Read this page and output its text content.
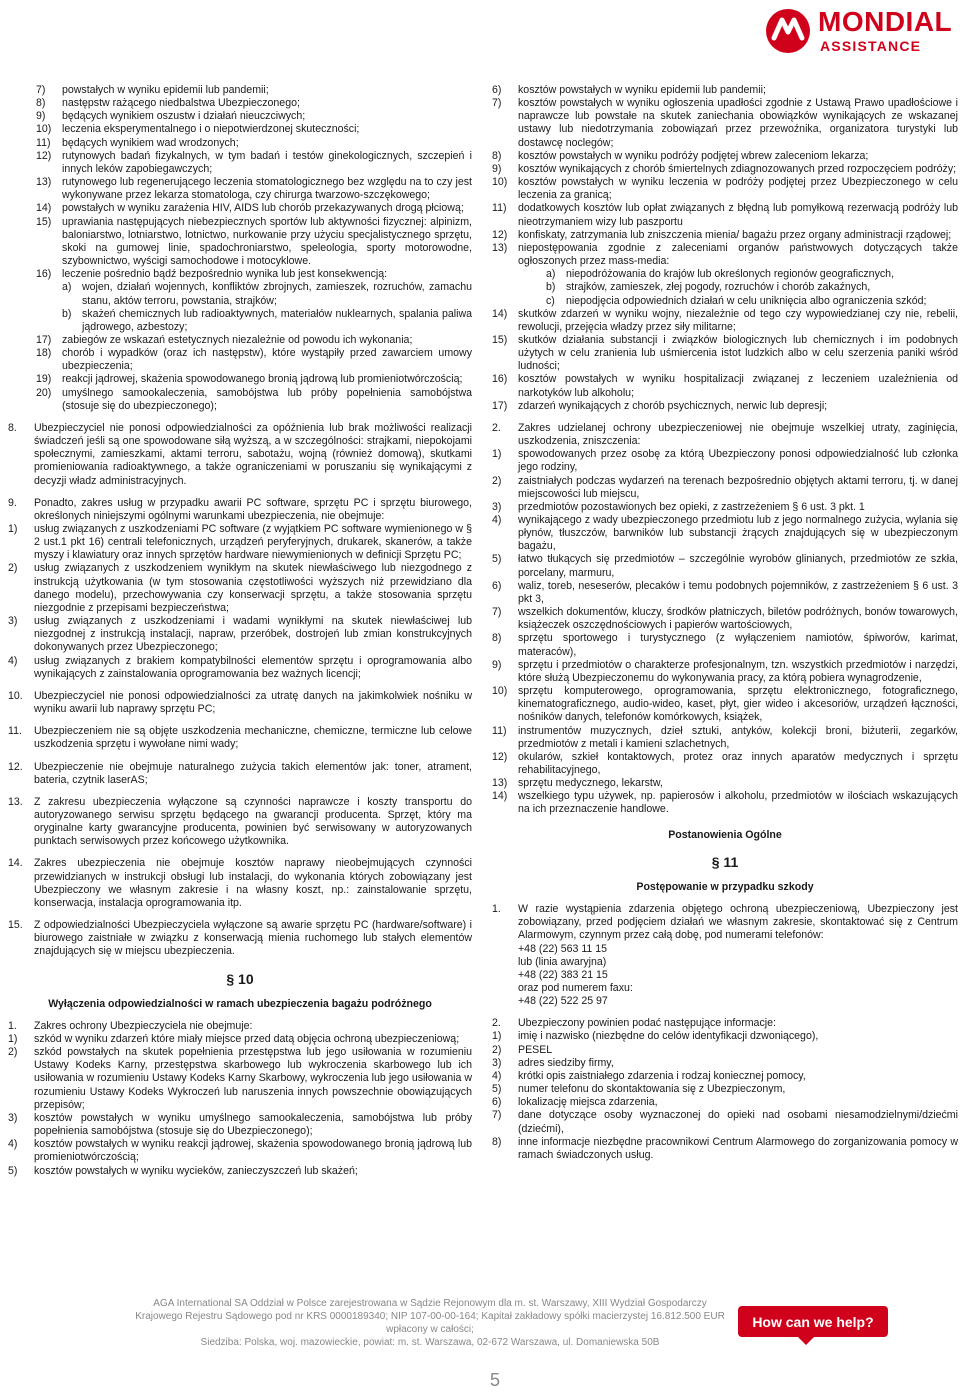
MONDIAL
ASSISTANCE
7)	powstałych w wyniku epidemii lub pandemii;
8)	następstw rażącego niedbalstwa Ubezpieczonego;
9)	będących wynikiem oszustw i działań nieuczciwych;
10)	leczenia eksperymentalnego i o niepotwierdzonej skuteczności;
11)	będących wynikiem wad wrodzonych;
12)	rutynowych badań fizykalnych, w tym badań i testów ginekologicznych, szczepień i innych leków zapobiegawczych;
13)	rutynowego lub regenerującego leczenia stomatologicznego bez względu na to czy jest wykonywane przez lekarza stomatologa, czy chirurga twarzowo-szczękowego;
14)	powstałych w wyniku zarażenia HIV, AIDS lub chorób przekazywanych drogą płciową;
15)	uprawiania następujących niebezpiecznych sportów lub aktywności fizycznej: alpinizm, baloniarstwo, lotniarstwo, lotnictwo, nurkowanie przy użyciu specjalistycznego sprzętu, skoki na gumowej linie, spadochroniarstwo, speleologia, sporty motorowodne, szybownictwo, wyścigi samochodowe i motocyklowe.
16)	leczenie pośrednio bądź bezpośrednio wynika lub jest konsekwencją:
a) wojen, działań wojennych, konfliktów zbrojnych, zamieszek, rozruchów, zamachu stanu, aktów terroru, powstania, strajków;
b) skażeń chemicznych lub radioaktywnych, materiałów nuklearnych, spalania paliwa jądrowego, azbestozy;
17)	zabiegów ze wskazań estetycznych niezależnie od powodu ich wykonania;
18)	chorób i wypadków (oraz ich następstw), które wystąpiły przed zawarciem umowy ubezpieczenia;
19)	reakcji jądrowej, skażenia spowodowanego bronią jądrową lub promieniotwórczością;
20)	umyślnego samookaleczenia, samobójstwa lub próby popełnienia samobójstwa (stosuje się do ubezpieczonego);
8.	Ubezpieczyciel nie ponosi odpowiedzialności za opóźnienia lub brak możliwości realizacji świadczeń jeśli są one spowodowane siłą wyższą, a w szczególności: strajkami, niepokojami społecznymi, zamieszkami, aktami terroru, sabotażu, wojną (również domową), skutkami promieniowania radioaktywnego, a także ograniczeniami w poruszaniu się wynikającymi z decyzji władz administracyjnych.
9.	Ponadto, zakres usług w przypadku awarii PC software, sprzętu PC i sprzętu biurowego, określonych niniejszymi ogólnymi warunkami ubezpieczenia, nie obejmuje:
1)	usług związanych z uszkodzeniami PC software (z wyjątkiem PC software wymienionego w § 2 ust.1 pkt 16) centrali telefonicznych, urządzeń peryferyjnych, drukarek, skanerów, a także myszy i klawiatury oraz innych sprzętów hardware niewymienionych w definicji Sprzętu PC;
2)	usług związanych z uszkodzeniem wynikłym na skutek niewłaściwego lub niezgodnego z instrukcją użytkowania (w tym stosowania częstotliwości wyższych niż przewidziano dla danego modelu), przechowywania czy konserwacji sprzętu, a także stosowania sprzętu niezgodnie z przepisami bezpieczeństwa;
3)	usług związanych z uszkodzeniami i wadami wynikłymi na skutek niewłaściwej lub niezgodnej z instrukcją instalacji, napraw, przeróbek, dostrojeń lub zmian konstrukcyjnych dokonywanych przez Ubezpieczonego;
4)	usług związanych z brakiem kompatybilności elementów sprzętu i oprogramowania albo wynikających z zainstalowania oprogramowania bez ważnych licencji;
10.	Ubezpieczyciel nie ponosi odpowiedzialności za utratę danych na jakimkolwiek nośniku w wyniku awarii lub naprawy sprzętu PC;
11.	Ubezpieczeniem nie są objęte uszkodzenia mechaniczne, chemiczne, termiczne lub celowe uszkodzenia sprzętu i wywołane nimi wady;
12.	Ubezpieczenie nie obejmuje naturalnego zużycia takich elementów jak: toner, atrament, bateria, czytnik laserAS;
13.	Z zakresu ubezpieczenia wyłączone są czynności naprawcze i koszty transportu do autoryzowanego serwisu sprzętu będącego na gwarancji producenta. Sprzęt, który ma oryginalne karty gwarancyjne producenta, powinien być serwisowany w autoryzowanych punktach serwisowych przez końcowego użytkownika.
14.	Zakres ubezpieczenia nie obejmuje kosztów naprawy nieobejmujących czynności przewidzianych w instrukcji obsługi lub instalacji, do wykonania których zobowiązany jest Ubezpieczony we własnym zakresie i na własny koszt, np.: zainstalowanie sprzętu, konserwacja, instalacja oprogramowania itp.
15.	Z odpowiedzialności Ubezpieczyciela wyłączone są awarie sprzętu PC (hardware/software) i biurowego zaistniałe w związku z konserwacją mienia ruchomego lub stałych elementów znajdujących się w miejscu ubezpieczenia.
§ 10
Wyłączenia odpowiedzialności w ramach ubezpieczenia bagażu podróżnego
1.	Zakres ochrony Ubezpieczyciela nie obejmuje:
1)	szkód w wyniku zdarzeń które miały miejsce przed datą objęcia ochroną ubezpieczeniową;
2)	szkód powstałych na skutek popełnienia przestępstwa lub jego usiłowania w rozumieniu Ustawy Kodeks Karny, przestępstwa skarbowego lub wykroczenia skarbowego lub ich usiłowania w rozumieniu Ustawy Kodeks Karny Skarbowy, wykroczenia lub jego usiłowania w rozumieniu Ustawy Kodeks Wykroczeń lub naruszenia innych powszechnie obowiązujących przepisów;
3)	kosztów powstałych w wyniku umyślnego samookaleczenia, samobójstwa lub próby popełnienia samobójstwa (stosuje się do Ubezpieczonego);
4)	kosztów powstałych w wyniku reakcji jądrowej, skażenia spowodowanego bronią jądrową lub promieniotwórczością;
5)	kosztów powstałych w wyniku wycieków, zanieczyszczeń lub skażeń;
6)	kosztów powstałych w wyniku epidemii lub pandemii;
7)	kosztów powstałych w wyniku ogłoszenia upadłości zgodnie z Ustawą Prawo upadłościowe i naprawcze lub powstałe na skutek zaniechania obowiązków wynikających ze wskazanej ustawy lub niedotrzymania zobowiązań przez przewoźnika, organizatora turystyki lub dostawcę noclegów;
8)	kosztów powstałych w wyniku podróży podjętej wbrew zaleceniom lekarza;
9)	kosztów wynikających z chorób śmiertelnych zdiagnozowanych przed rozpoczęciem podróży;
10)	kosztów powstałych w wyniku leczenia w podróży podjętej przez Ubezpieczonego w celu leczenia za granicą;
11)	dodatkowych kosztów lub opłat związanych z błędną lub pomyłkową rezerwacją podróży lub nieotrzymaniem wizy lub paszportu
12)	konfiskaty, zatrzymania lub zniszczenia mienia/ bagażu przez organy administracji rządowej;
13)	niepostępowania zgodnie z zaleceniami organów państwowych dotyczących także ogłoszonych przez mass-media:
a) niepodróżowania do krajów lub określonych regionów geograficznych,
b) strajków, zamieszek, złej pogody, rozruchów i chorób zakaźnych,
c)	niepodjęcia odpowiednich działań w celu uniknięcia albo ograniczenia szkód;
14)	skutków zdarzeń w wyniku wojny, niezależnie od tego czy wypowiedzianej czy nie, rebelii, rewolucji, przejęcia władzy przez siły militarne;
15)	skutków działania substancji i związków biologicznych lub chemicznych i im podobnych użytych w celu zranienia lub uśmiercenia istot ludzkich albo w celu szerzenia paniki wśród ludności;
16)	kosztów powstałych w wyniku hospitalizacji związanej z leczeniem uzależnienia od narkotyków lub alkoholu;
17)	zdarzeń wynikających z chorób psychicznych, nerwic lub depresji;
2.	Zakres udzielanej ochrony ubezpieczeniowej nie obejmuje wszelkiej utraty, zaginięcia, uszkodzenia, zniszczenia:
1)	spowodowanych przez osobę za którą Ubezpieczony ponosi odpowiedzialność lub członka jego rodziny,
2)	zaistniałych podczas wydarzeń na terenach bezpośrednio objętych aktami terroru, tj. w danej miejscowości lub miejscu,
3)	przedmiotów pozostawionych bez opieki, z zastrzeżeniem § 6 ust. 3 pkt. 1
4)	wynikającego z wady ubezpieczonego przedmiotu lub z jego normalnego zużycia, wylania się płynów, tłuszczów, barwników lub substancji żrących znajdujących się w ubezpieczonym bagażu,
5)	łatwo tłukących się przedmiotów – szczególnie wyrobów glinianych, przedmiotów ze szkła, porcelany, marmuru,
6)	waliz, toreb, neseserów, plecaków i temu podobnych pojemników, z zastrzeżeniem § 6 ust. 3 pkt 3,
7)	wszelkich dokumentów, kluczy, środków płatniczych, biletów podróżnych, bonów towarowych, książeczek oszczędnościowych i papierów wartościowych,
8)	sprzętu sportowego i turystycznego (z wyłączeniem namiotów, śpiworów, karimat, materaców),
9)	sprzętu i przedmiotów o charakterze profesjonalnym, tzn. wszystkich przedmiotów i narzędzi, które służą Ubezpieczonemu do wykonywania pracy, za którą pobiera wynagrodzenie,
10)	sprzętu komputerowego, oprogramowania, sprzętu elektronicznego, fotograficznego, kinematograficznego, audio-wideo, kaset, płyt, gier wideo i akcesoriów, urządzeń łączności, nośników danych, telefonów komórkowych, książek,
11)	instrumentów muzycznych, dzieł sztuki, antyków, kolekcji broni, biżuterii, zegarków, przedmiotów z metali i kamieni szlachetnych,
12)	okularów, szkieł kontaktowych, protez oraz innych aparatów medycznych i sprzętu rehabilitacyjnego,
13)	sprzętu medycznego, lekarstw,
14)	wszelkiego typu używek, np. papierosów i alkoholu, przedmiotów w ilościach wskazujących na ich przeznaczenie handlowe.
Postanowienia Ogólne
§ 11
Postępowanie w przypadku szkody
1.	W razie wystąpienia zdarzenia objętego ochroną ubezpieczeniową, Ubezpieczony jest zobowiązany, przed podjęciem działań we własnym zakresie, skontaktować się z Centrum Alarmowym, czynnym przez całą dobę, pod numerami telefonów:
+48 (22) 563 11 15
lub (linia awaryjna)
+48 (22) 383 21 15
oraz pod numerem faxu:
+48 (22) 522 25 97
2.	Ubezpieczony powinien podać następujące informacje:
1)	imię i nazwisko (niezbędne do celów identyfikacji dzwoniącego),
2)	PESEL
3)	adres siedziby firmy,
4)	krótki opis zaistniałego zdarzenia i rodzaj koniecznej pomocy,
5)	numer telefonu do skontaktowania się z Ubezpieczonym,
6)	lokalizację miejsca zdarzenia,
7)	dane dotyczące osoby wyznaczonej do opieki nad osobami niesamodzielnymi/dziećmi (dziećmi),
8)	inne informacje niezbędne pracownikowi Centrum Alarmowego do zorganizowania pomocy w ramach świadczonych usług.
AGA International SA Oddział w Polsce zarejestrowana w Sądzie Rejonowym dla m. st. Warszawy, XIII Wydział Gospodarczy
Krajowego Rejestru Sądowego pod nr KRS 0000189340; NIP 107-00-00-164; Kapitał zakładowy spółki macierzystej 16.812.500 EUR wpłacony w całości;
Siedziba: Polska, woj. mazowieckie, powiat: m. st. Warszawa, 02-672 Warszawa, ul. Domaniewska 50B
How can we help?
5
